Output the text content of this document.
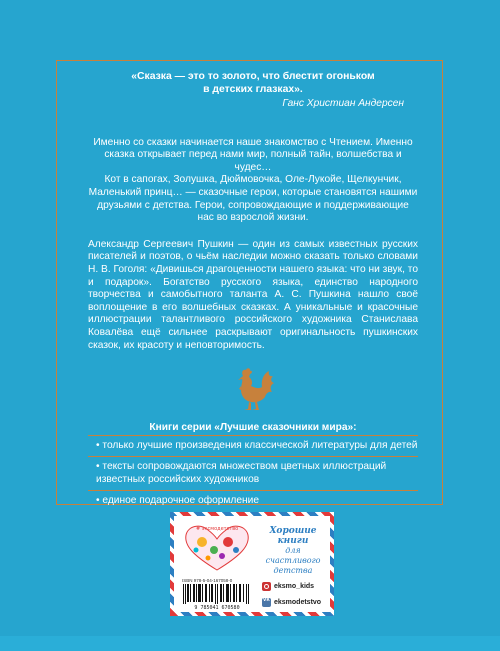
«Сказка — это то золото, что блестит огоньком
в детских глазках».
Ганс Христиан Андерсен

Именно со сказки начинается наше знакомство с Чтением. Именно сказка открывает перед нами мир, полный тайн, волшебства и чудес…

Кот в сапогах, Золушка, Дюймовочка, Оле-Лукойе, Щелкунчик, Маленький принц… — сказочные герои, которые становятся нашими друзьями с детства. Герои, сопровождающие и поддерживающие нас во взрослой жизни.

Александр Сергеевич Пушкин — один из самых известных русских писателей и поэтов, о чьём наследии можно сказать только словами Н. В. Гоголя: «Дивишься драгоценности нашего языка: что ни звук, то и подарок». Богатство русского языка, единство народного творчества и самобытного таланта А. С. Пушкина нашло своё воплощение в его волшебных сказках. А уникальные и красочные иллюстрации талантливого российского художника Станислава Ковалёва ещё сильнее раскрывают оригинальность пушкинских сказок, их красоту и неповторимость.

Книги серии «Лучшие сказочники мира»:
• только лучшие произведения классической литературы для детей
• тексты сопровождаются множеством цветных иллюстраций известных российских художников
• единое подарочное оформление
# эксмодетство	Хорошие
книги
для счастливого
детства
ISBN 978-5-04-167058-0
9 785041 670580
eksmo_kids
vk
eksmodetstvo
